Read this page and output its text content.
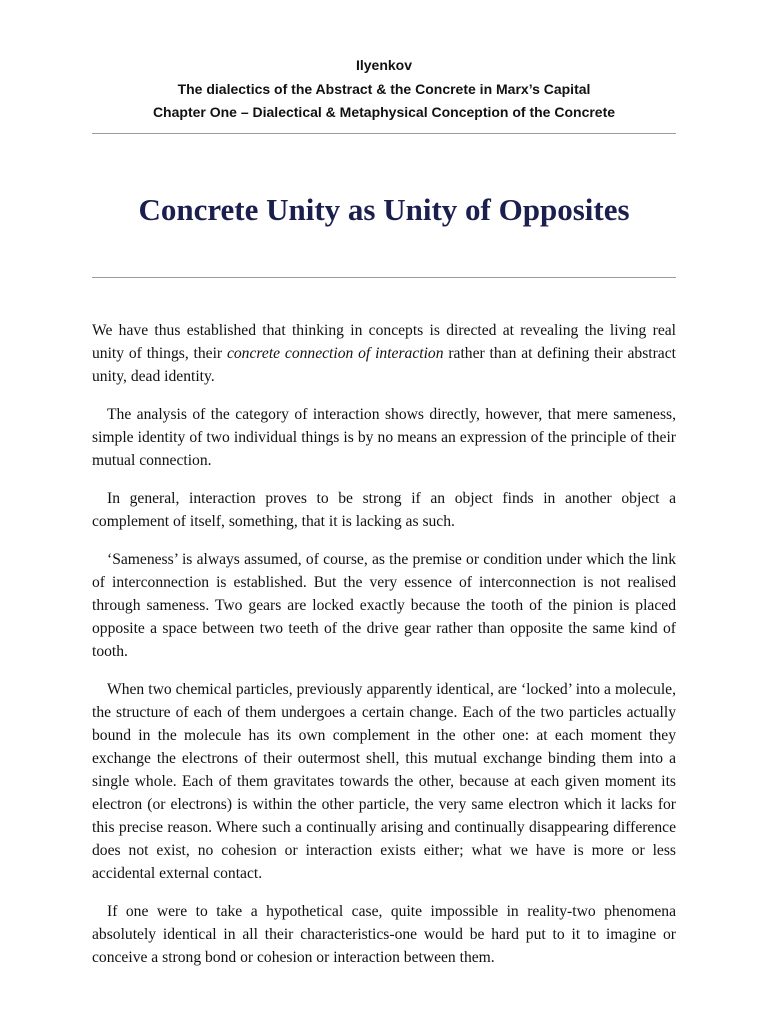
Ilyenkov
The dialectics of the Abstract & the Concrete in Marx’s Capital
Chapter One – Dialectical & Metaphysical Conception of the Concrete
Concrete Unity as Unity of Opposites

We have thus established that thinking in concepts is directed at revealing the living real unity of things, their concrete connection of interaction rather than at defining their abstract unity, dead identity.

The analysis of the category of interaction shows directly, however, that mere sameness, simple identity of two individual things is by no means an expression of the principle of their mutual connection.

In general, interaction proves to be strong if an object finds in another object a complement of itself, something, that it is lacking as such.

‘Sameness’ is always assumed, of course, as the premise or condition under which the link of interconnection is established. But the very essence of interconnection is not realised through sameness. Two gears are locked exactly because the tooth of the pinion is placed opposite a space between two teeth of the drive gear rather than opposite the same kind of tooth.

When two chemical particles, previously apparently identical, are ‘locked’ into a molecule, the structure of each of them undergoes a certain change. Each of the two particles actually bound in the molecule has its own complement in the other one: at each moment they exchange the electrons of their outermost shell, this mutual exchange binding them into a single whole. Each of them gravitates towards the other, because at each given moment its electron (or electrons) is within the other particle, the very same electron which it lacks for this precise reason. Where such a continually arising and continually disappearing difference does not exist, no cohesion or interaction exists either; what we have is more or less accidental external contact.

If one were to take a hypothetical case, quite impossible in reality-two phenomena absolutely identical in all their characteristics-one would be hard put to it to imagine or conceive a strong bond or cohesion or interaction between them.
